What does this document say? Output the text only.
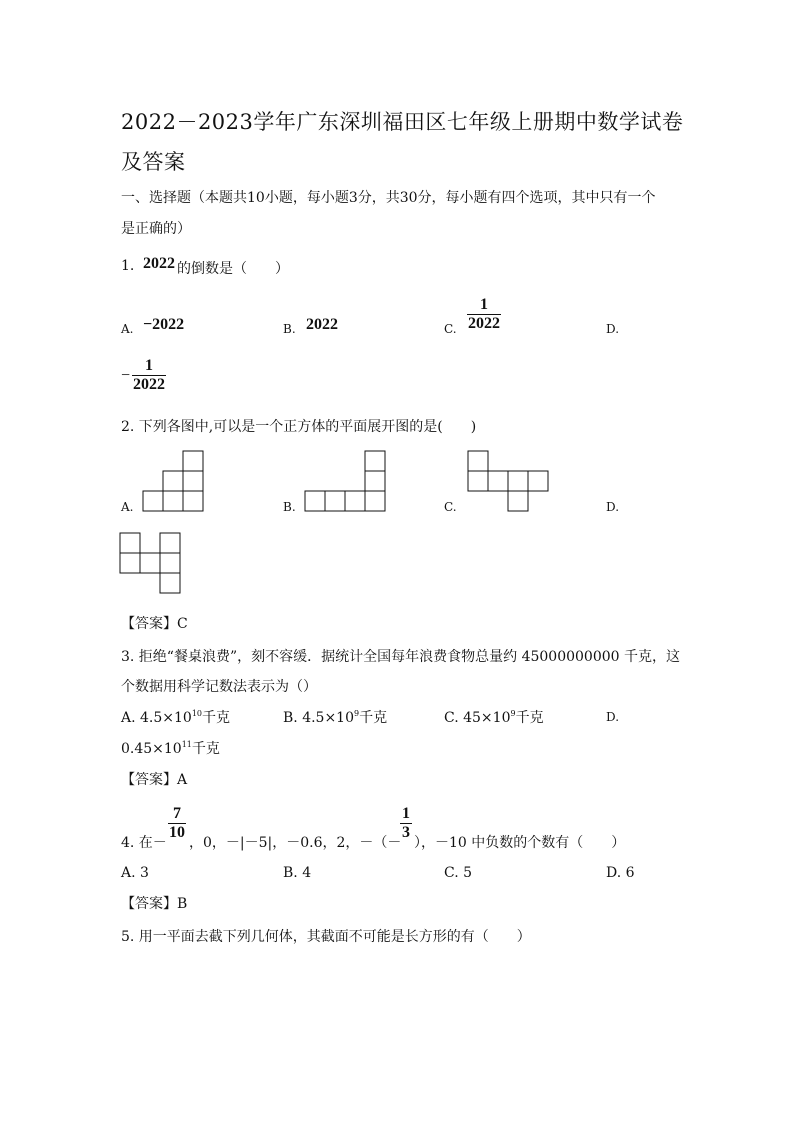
2022－2023学年广东深圳福田区七年级上册期中数学试卷
及答案
一、选择题（本题共10小题，每小题3分，共30分，每小题有四个选项，其中只有一个
是正确的）
1. 2022 的倒数是（　　）
A. −2022	B. 2022	C.
1
2022	D.
−
1
2022
2. 下列各图中,可以是一个正方体的平面展开图的是(　　)
A.	B.	C.	D.
【答案】C
3. 拒绝“餐桌浪费”，刻不容缓．据统计全国每年浪费食物总量约 45000000000 千克，这
个数据用科学记数法表示为（）
A. $4.5\times 10^{10}$千克	B. $4.5\times 10^9$千克	C. $45\times 10^9$千克	D.
$0.45\times 10^{11}$千克
【答案】A
4. 在－
7
10
，0，－|－5|，－0.6，2，－（－
1
3
），－10 中负数的个数有（　　）
A. 3	B. 4	C. 5	D. 6
【答案】B
5. 用一平面去截下列几何体，其截面不可能是长方形的有（　　）
